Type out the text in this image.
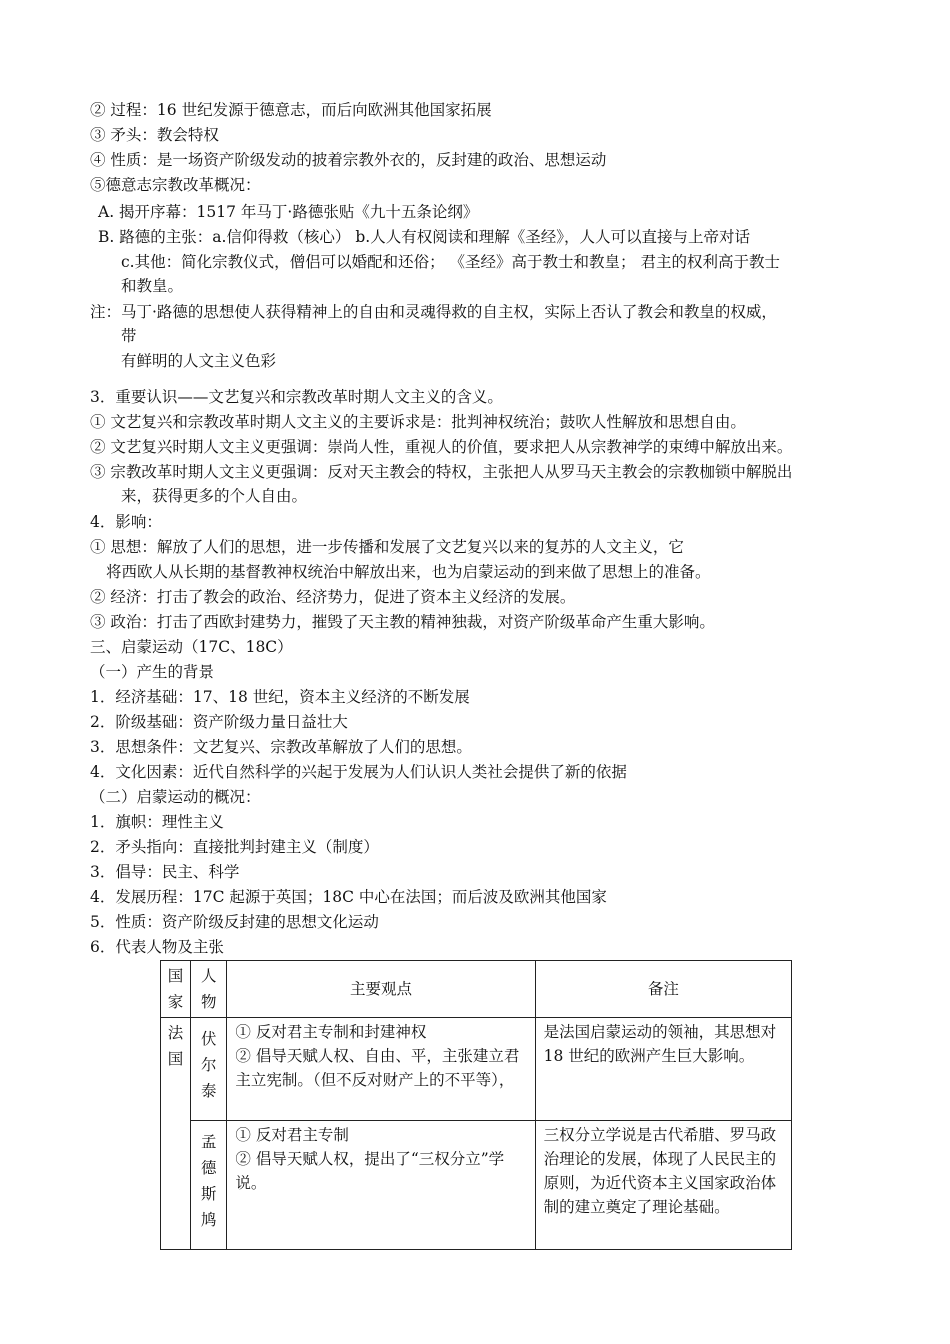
② 过程：16 世纪发源于德意志，而后向欧洲其他国家拓展
③ 矛头：教会特权
④ 性质：是一场资产阶级发动的披着宗教外衣的，反封建的政治、思想运动
⑤德意志宗教改革概况：
A. 揭开序幕：1517 年马丁·路德张贴《九十五条论纲》
B. 路德的主张：a.信仰得救（核心） b.人人有权阅读和理解《圣经》，人人可以直接与上帝对话
c.其他：简化宗教仪式，僧侣可以婚配和还俗； 《圣经》高于教士和教皇； 君主的权利高于教士
和教皇。
注：马丁·路德的思想使人获得精神上的自由和灵魂得救的自主权，实际上否认了教会和教皇的权威，
带
有鲜明的人文主义色彩
3．重要认识——文艺复兴和宗教改革时期人文主义的含义。
① 文艺复兴和宗教改革时期人文主义的主要诉求是：批判神权统治；鼓吹人性解放和思想自由。
② 文艺复兴时期人文主义更强调：崇尚人性，重视人的价值，要求把人从宗教神学的束缚中解放出来。
③ 宗教改革时期人文主义更强调：反对天主教会的特权，主张把人从罗马天主教会的宗教枷锁中解脱出
来，获得更多的个人自由。
4．影响：
① 思想：解放了人们的思想，进一步传播和发展了文艺复兴以来的复苏的人文主义，它
将西欧人从长期的基督教神权统治中解放出来，也为启蒙运动的到来做了思想上的准备。
② 经济：打击了教会的政治、经济势力，促进了资本主义经济的发展。
③ 政治：打击了西欧封建势力，摧毁了天主教的精神独裁，对资产阶级革命产生重大影响。
三、启蒙运动（17C、18C）
（一）产生的背景
1．经济基础：17、18 世纪，资本主义经济的不断发展
2．阶级基础：资产阶级力量日益壮大
3．思想条件：文艺复兴、宗教改革解放了人们的思想。
4．文化因素：近代自然科学的兴起于发展为人们认识人类社会提供了新的依据
（二）启蒙运动的概况：
1．旗帜：理性主义
2．矛头指向：直接批判封建主义（制度）
3．倡导：民主、科学
4．发展历程：17C 起源于英国；18C 中心在法国；而后波及欧洲其他国家
5．性质：资产阶级反封建的思想文化运动
6．代表人物及主张
国家	人物	主要观点	备注

法国	伏尔泰	① 反对君主专制和封建神权
② 倡导天赋人权、自由、平，主张建立君主立宪制。（但不反对财产上的不平等），	是法国启蒙运动的领袖，其思想对 18 世纪的欧洲产生巨大影响。

	孟德斯鸠	① 反对君主专制
② 倡导天赋人权，提出了“三权分立”学说。	三权分立学说是古代希腊、罗马政治理论的发展，体现了人民民主的原则，为近代资本主义国家政治体制的建立奠定了理论基础。
